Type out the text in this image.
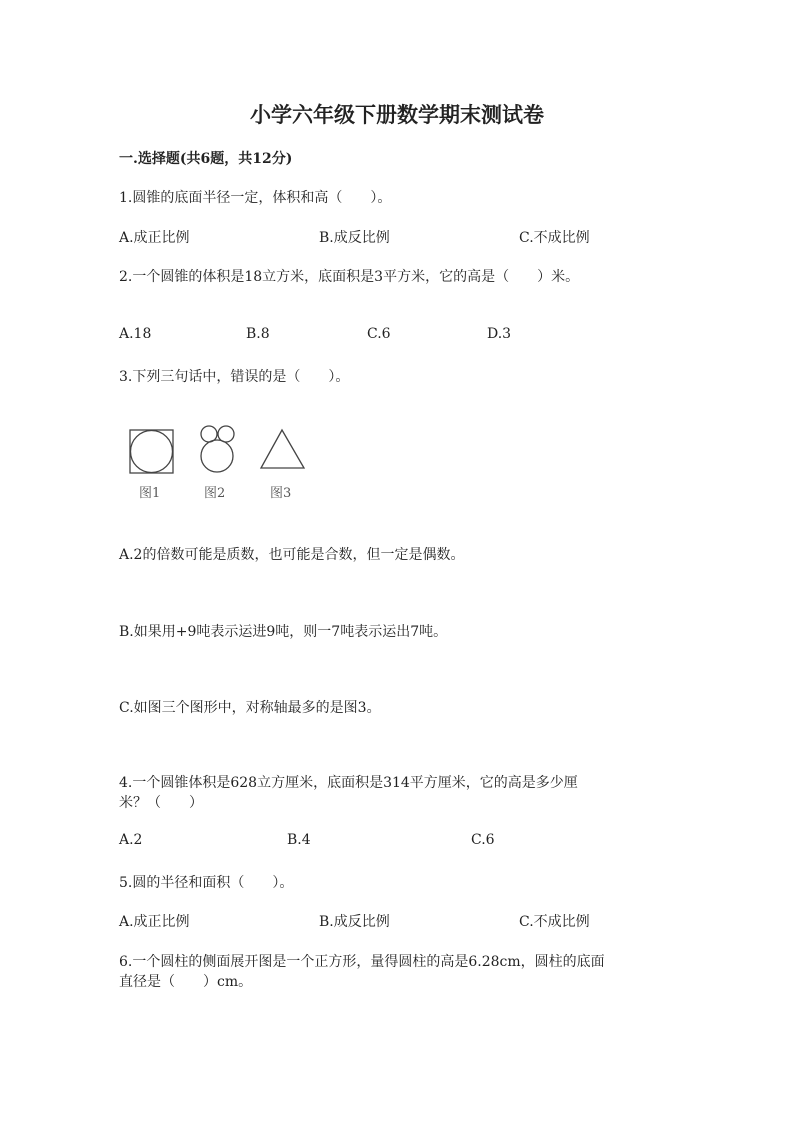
小学六年级下册数学期末测试卷
一.选择题(共6题，共12分)
1.圆锥的底面半径一定，体积和高（　　）。
A.成正比例	B.成反比例	C.不成比例
2.一个圆锥的体积是18立方米，底面积是3平方米，它的高是（　　）米。
A.18	B.8	C.6	D.3
3.下列三句话中，错误的是（　　）。
图1	图2	图3
A.2的倍数可能是质数，也可能是合数，但一定是偶数。
B.如果用+9吨表示运进9吨，则一7吨表示运出7吨。
C.如图三个图形中，对称轴最多的是图3。
4.一个圆锥体积是628立方厘米，底面积是314平方厘米，它的高是多少厘
米？（　　）
A.2	B.4	C.6
5.圆的半径和面积（　　）。
A.成正比例	B.成反比例	C.不成比例
6.一个圆柱的侧面展开图是一个正方形，量得圆柱的高是6.28cm，圆柱的底面
直径是（　　）cm。
